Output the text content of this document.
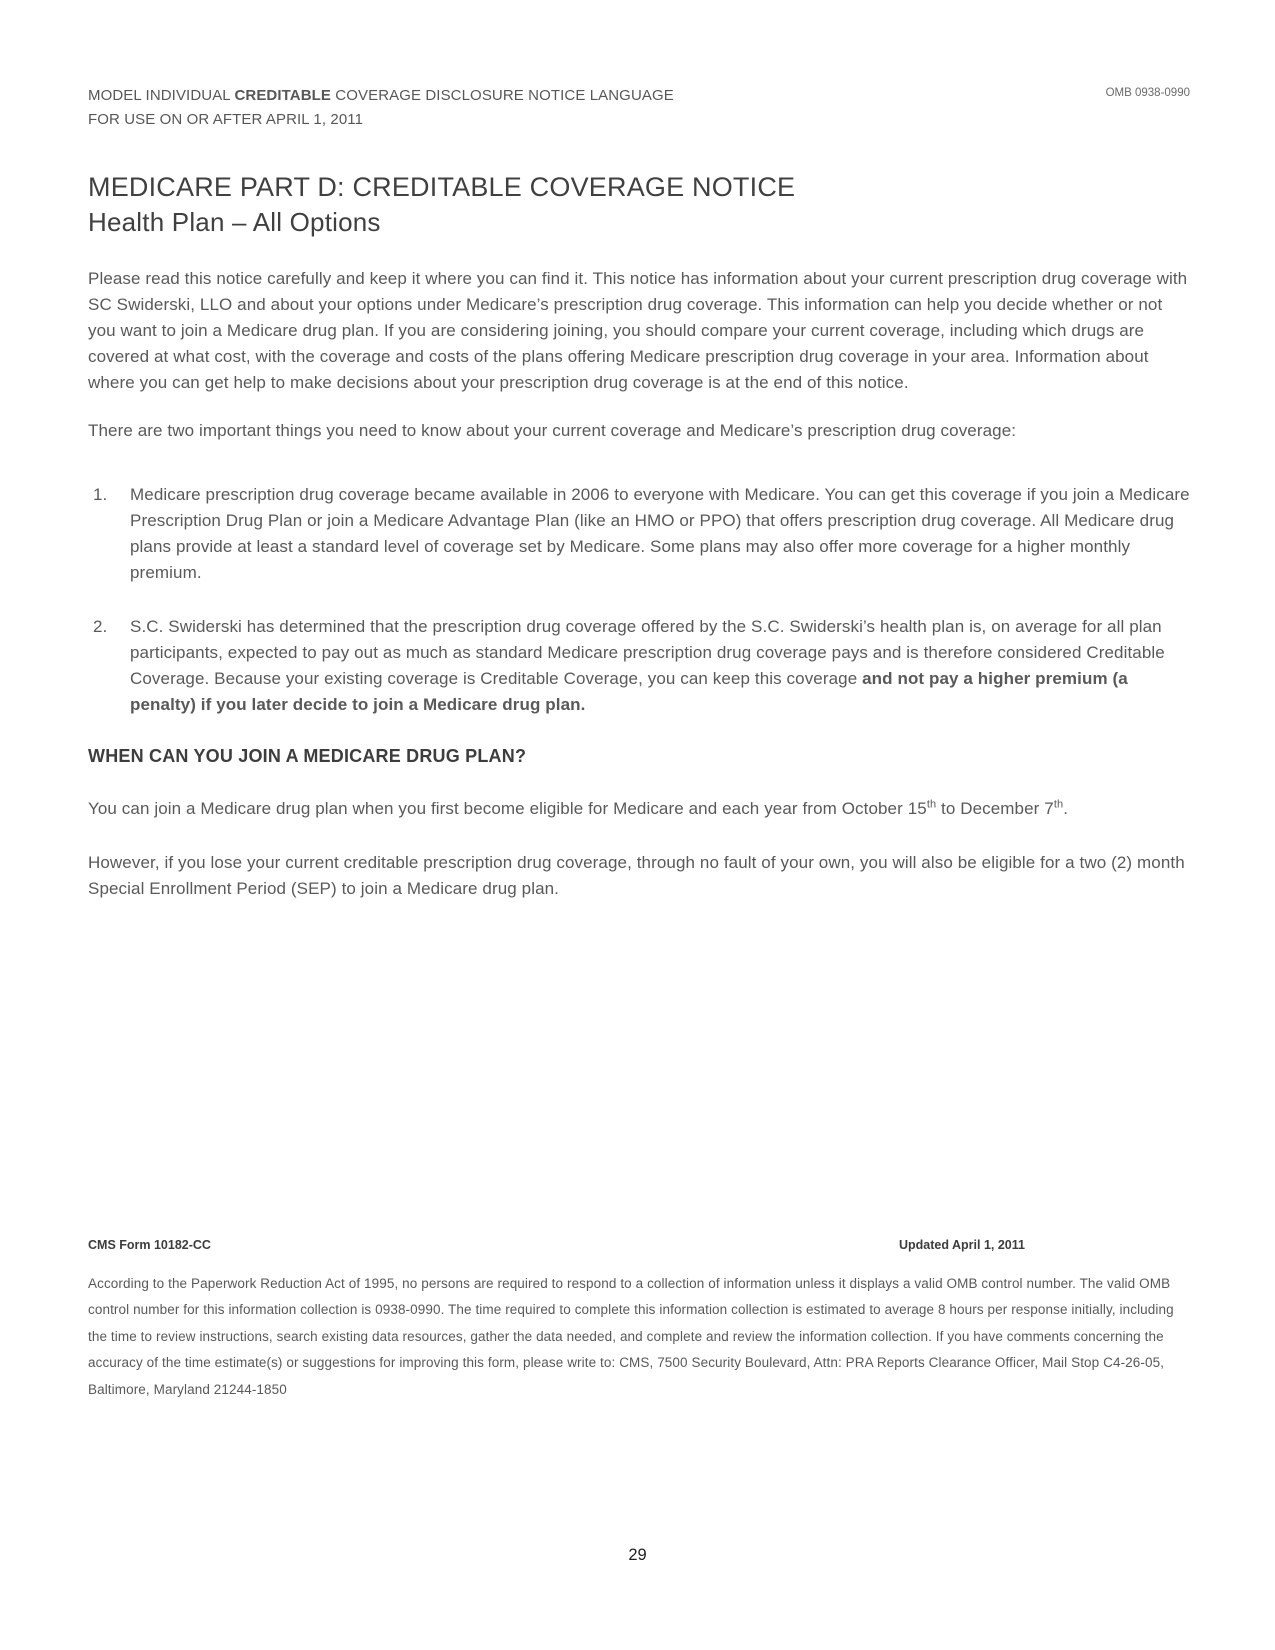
MODEL INDIVIDUAL CREDITABLE COVERAGE DISCLOSURE NOTICE LANGUAGE
FOR USE ON OR AFTER APRIL 1, 2011
OMB 0938-0990
MEDICARE PART D: CREDITABLE COVERAGE NOTICE
Health Plan – All Options

Please read this notice carefully and keep it where you can find it. This notice has information about your current prescription drug coverage with SC Swiderski, LLO and about your options under Medicare’s prescription drug coverage. This information can help you decide whether or not you want to join a Medicare drug plan. If you are considering joining, you should compare your current coverage, including which drugs are covered at what cost, with the coverage and costs of the plans offering Medicare prescription drug coverage in your area. Information about where you can get help to make decisions about your prescription drug coverage is at the end of this notice.

There are two important things you need to know about your current coverage and Medicare’s prescription drug coverage:

1.	Medicare prescription drug coverage became available in 2006 to everyone with Medicare. You can get this coverage if you join a Medicare Prescription Drug Plan or join a Medicare Advantage Plan (like an HMO or PPO) that offers prescription drug coverage. All Medicare drug plans provide at least a standard level of coverage set by Medicare. Some plans may also offer more coverage for a higher monthly premium.
2.	S.C. Swiderski has determined that the prescription drug coverage offered by the S.C. Swiderski’s health plan is, on average for all plan participants, expected to pay out as much as standard Medicare prescription drug coverage pays and is therefore considered Creditable Coverage. Because your existing coverage is Creditable Coverage, you can keep this coverage and not pay a higher premium (a penalty) if you later decide to join a Medicare drug plan.
WHEN CAN YOU JOIN A MEDICARE DRUG PLAN?

You can join a Medicare drug plan when you first become eligible for Medicare and each year from October 15th to December 7th.

However, if you lose your current creditable prescription drug coverage, through no fault of your own, you will also be eligible for a two (2) month Special Enrollment Period (SEP) to join a Medicare drug plan.

CMS Form 10182-CC	Updated April 1, 2011

According to the Paperwork Reduction Act of 1995, no persons are required to respond to a collection of information unless it displays a valid OMB control number. The valid OMB control number for this information collection is 0938-0990. The time required to complete this information collection is estimated to average 8 hours per response initially, including the time to review instructions, search existing data resources, gather the data needed, and complete and review the information collection. If you have comments concerning the accuracy of the time estimate(s) or suggestions for improving this form, please write to: CMS, 7500 Security Boulevard, Attn: PRA Reports Clearance Officer, Mail Stop C4-26-05, Baltimore, Maryland 21244-1850

29
